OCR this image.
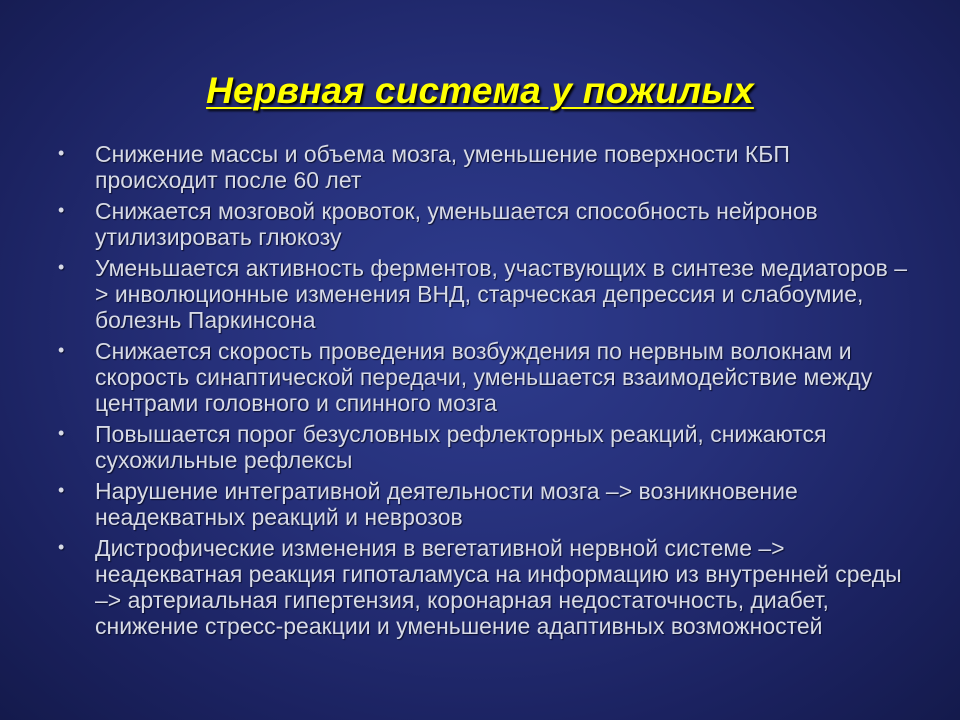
Нервная система у пожилых
• Снижение массы и объема мозга, уменьшение поверхности КБП происходит после 60 лет
• Снижается мозговой кровоток, уменьшается способность нейронов утилизировать глюкозу
• Уменьшается активность ферментов, участвующих в синтезе медиаторов –> инволюционные изменения ВНД, старческая депрессия и слабоумие, болезнь Паркинсона
• Снижается скорость проведения возбуждения по нервным волокнам и скорость синаптической передачи, уменьшается взаимодействие между центрами головного и спинного мозга
• Повышается порог безусловных рефлекторных реакций, снижаются сухожильные рефлексы
• Нарушение интегративной деятельности мозга –> возникновение неадекватных реакций и неврозов
• Дистрофические изменения в вегетативной нервной системе –> неадекватная реакция гипоталамуса на информацию из внутренней среды –> артериальная гипертензия, коронарная недостаточность, диабет, снижение стресс-реакции и уменьшение адаптивных возможностей
